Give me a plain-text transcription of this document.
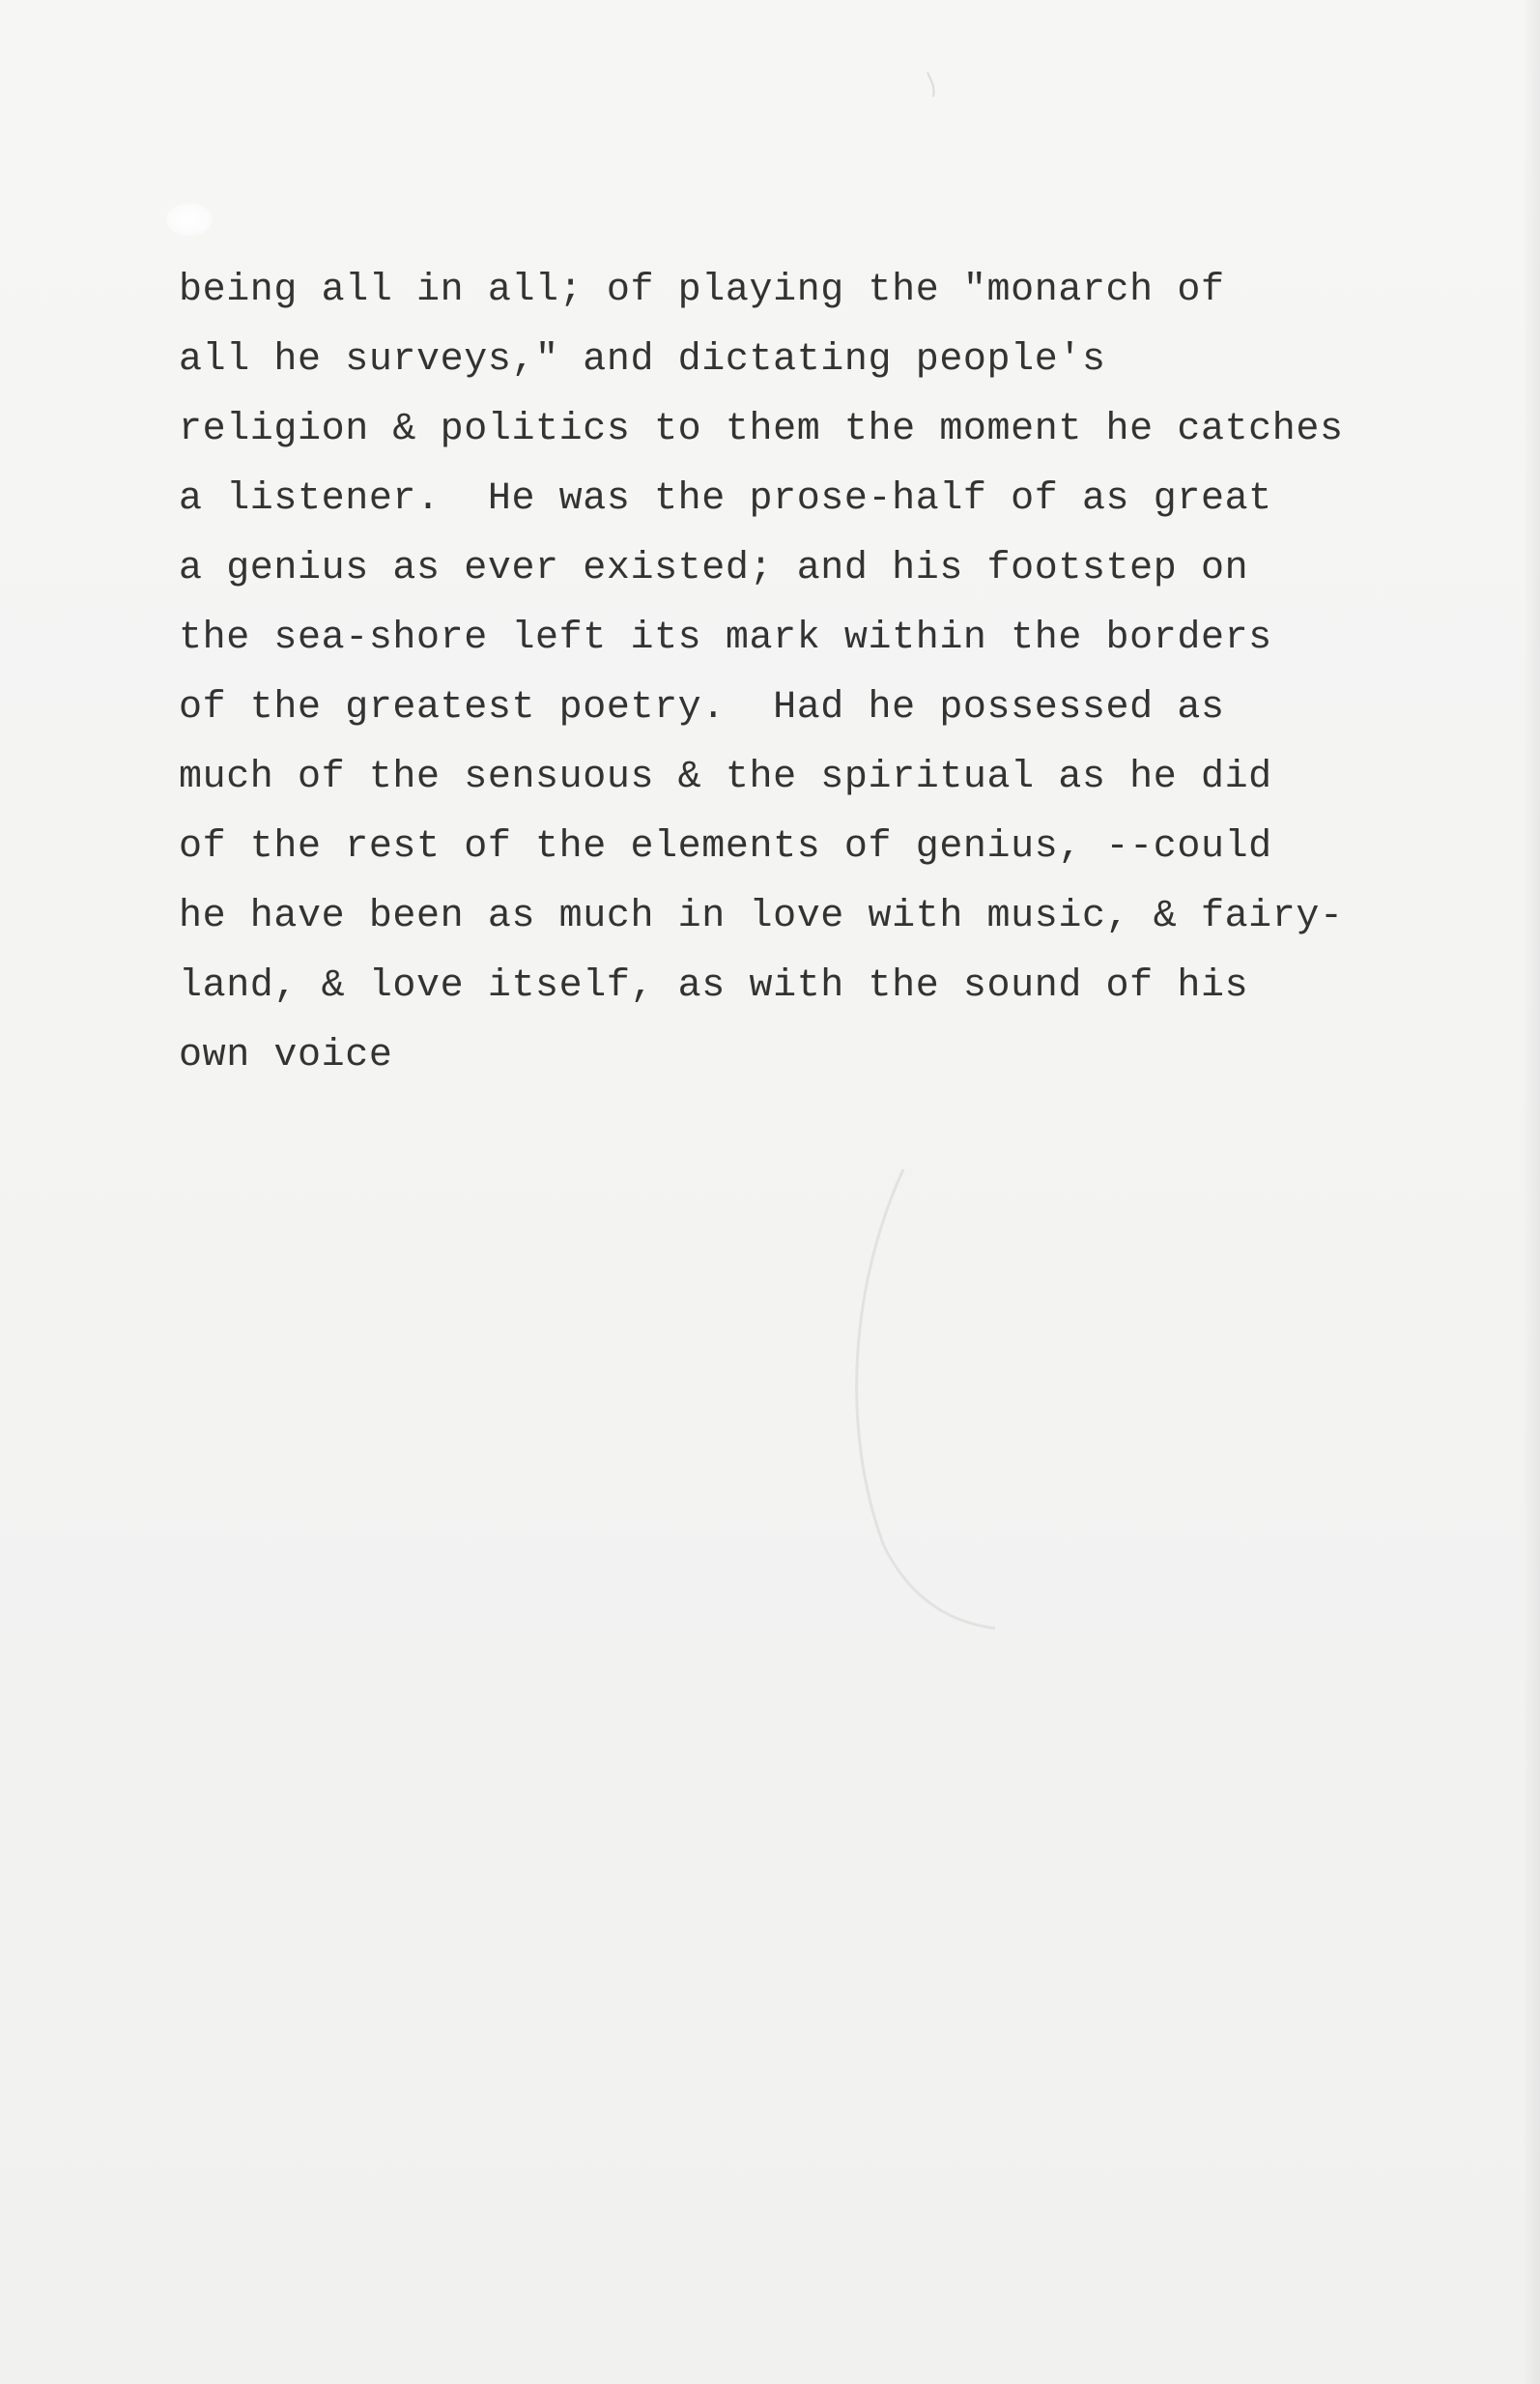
being all in all; of playing the "monarch of
all he surveys," and dictating people's
religion & politics to them the moment he catches
a listener.  He was the prose-half of as great
a genius as ever existed; and his footstep on
the sea-shore left its mark within the borders
of the greatest poetry.  Had he possessed as
much of the sensuous & the spiritual as he did
of the rest of the elements of genius, --could
he have been as much in love with music, & fairy-
land, & love itself, as with the sound of his
own voice
